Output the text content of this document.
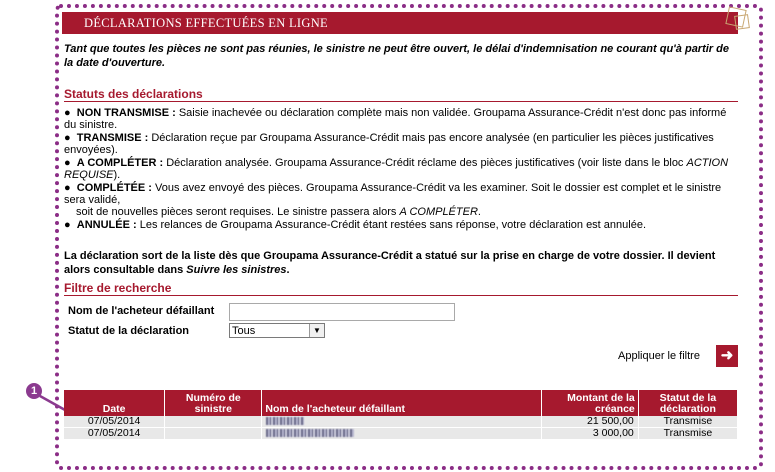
DÉCLARATIONS EFFECTUÉES EN LIGNE
Tant que toutes les pièces ne sont pas réunies, le sinistre ne peut être ouvert, le délai d'indemnisation ne courant qu'à partir de la date d'ouverture.
Statuts des déclarations
●  NON TRANSMISE : Saisie inachevée ou déclaration complète mais non validée. Groupama Assurance-Crédit n'est donc pas informé du sinistre.
●  TRANSMISE : Déclaration reçue par Groupama Assurance-Crédit mais pas encore analysée (en particulier les pièces justificatives envoyées).
●  A COMPLÉTER : Déclaration analysée. Groupama Assurance-Crédit réclame des pièces justificatives (voir liste dans le bloc ACTION REQUISE).
●  COMPLÉTÉE : Vous avez envoyé des pièces. Groupama Assurance-Crédit va les examiner. Soit le dossier est complet et le sinistre sera validé,
soit de nouvelles pièces seront requises. Le sinistre passera alors A COMPLÉTER.
●  ANNULÉE : Les relances de Groupama Assurance-Crédit étant restées sans réponse, votre déclaration est annulée.
La déclaration sort de la liste dès que Groupama Assurance-Crédit a statué sur la prise en charge de votre dossier. Il devient alors consultable dans Suivre les sinistres.
Filtre de recherche
Nom de l'acheteur défaillant
Statut de la déclaration	Tous	▼
Appliquer le filtre	➜
1
Date	Numéro de sinistre	Nom de l'acheteur défaillant	Montant de la créance	Statut de la déclaration
07/05/2014			21 500,00	Transmise
07/05/2014			3 000,00	Transmise
